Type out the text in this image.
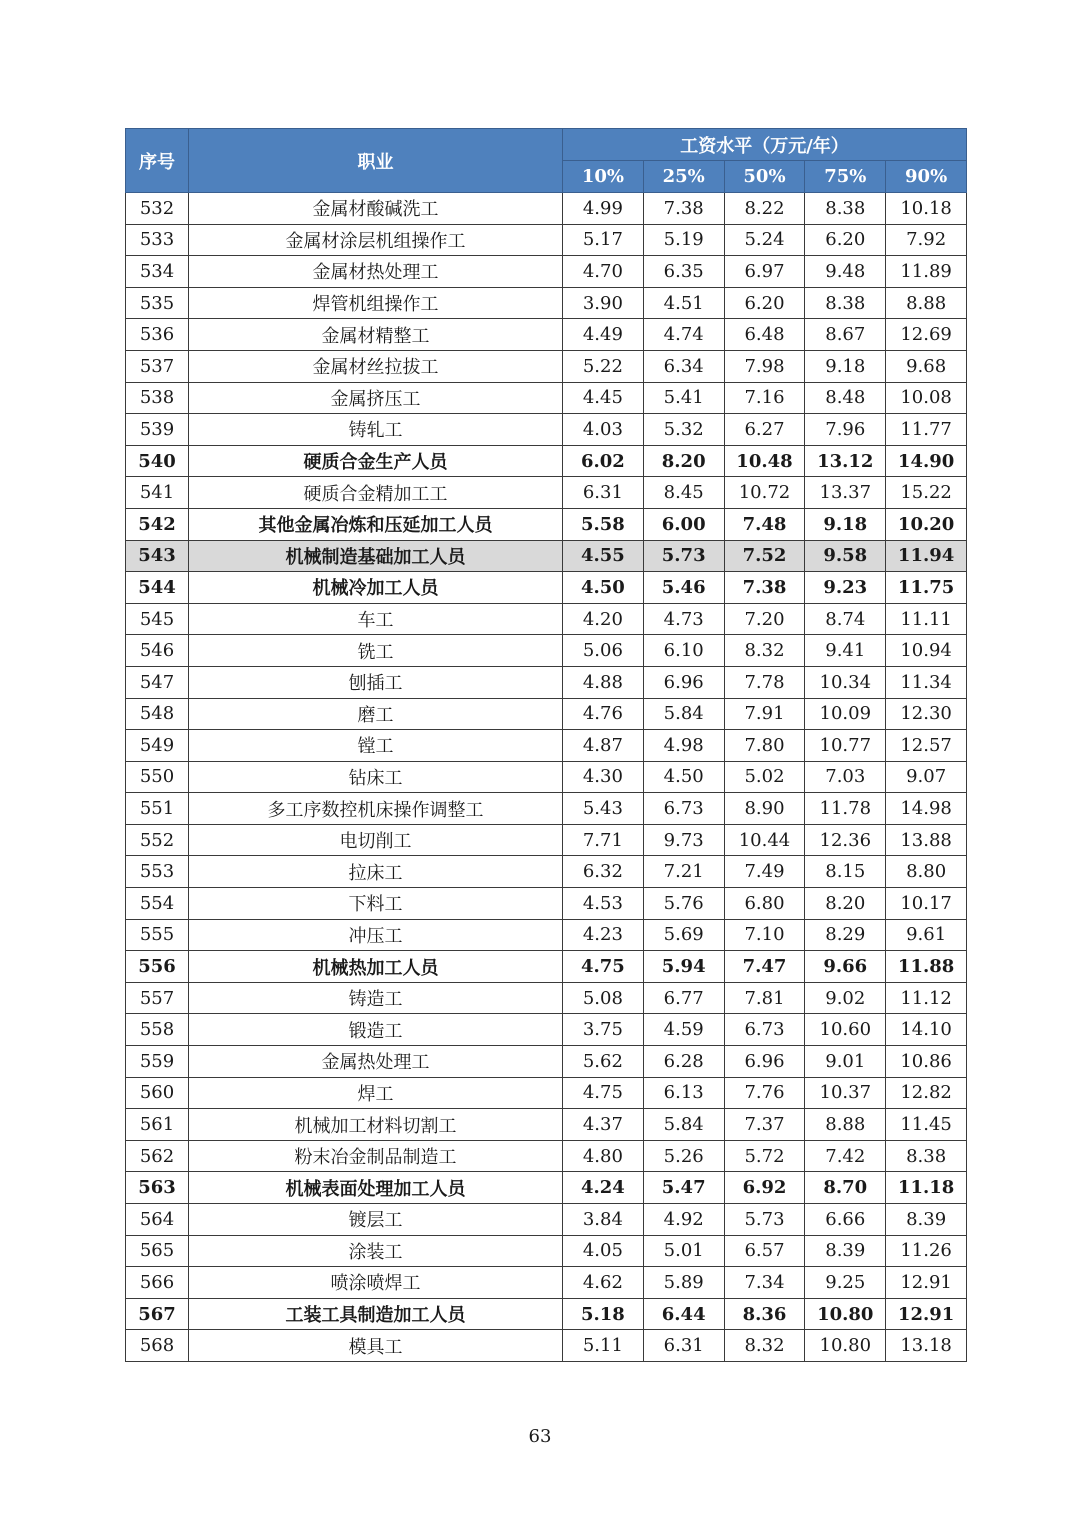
序号	职业	工资水平（万元/年）				
		10%	25%	50%	75%	90%
532	金属材酸碱洗工	4.99	7.38	8.22	8.38	10.18
533	金属材涂层机组操作工	5.17	5.19	5.24	6.20	7.92
534	金属材热处理工	4.70	6.35	6.97	9.48	11.89
535	焊管机组操作工	3.90	4.51	6.20	8.38	8.88
536	金属材精整工	4.49	4.74	6.48	8.67	12.69
537	金属材丝拉拔工	5.22	6.34	7.98	9.18	9.68
538	金属挤压工	4.45	5.41	7.16	8.48	10.08
539	铸轧工	4.03	5.32	6.27	7.96	11.77
540	硬质合金生产人员	6.02	8.20	10.48	13.12	14.90
541	硬质合金精加工工	6.31	8.45	10.72	13.37	15.22
542	其他金属冶炼和压延加工人员	5.58	6.00	7.48	9.18	10.20
543	机械制造基础加工人员	4.55	5.73	7.52	9.58	11.94
544	机械冷加工人员	4.50	5.46	7.38	9.23	11.75
545	车工	4.20	4.73	7.20	8.74	11.11
546	铣工	5.06	6.10	8.32	9.41	10.94
547	刨插工	4.88	6.96	7.78	10.34	11.34
548	磨工	4.76	5.84	7.91	10.09	12.30
549	镗工	4.87	4.98	7.80	10.77	12.57
550	钻床工	4.30	4.50	5.02	7.03	9.07
551	多工序数控机床操作调整工	5.43	6.73	8.90	11.78	14.98
552	电切削工	7.71	9.73	10.44	12.36	13.88
553	拉床工	6.32	7.21	7.49	8.15	8.80
554	下料工	4.53	5.76	6.80	8.20	10.17
555	冲压工	4.23	5.69	7.10	8.29	9.61
556	机械热加工人员	4.75	5.94	7.47	9.66	11.88
557	铸造工	5.08	6.77	7.81	9.02	11.12
558	锻造工	3.75	4.59	6.73	10.60	14.10
559	金属热处理工	5.62	6.28	6.96	9.01	10.86
560	焊工	4.75	6.13	7.76	10.37	12.82
561	机械加工材料切割工	4.37	5.84	7.37	8.88	11.45
562	粉末冶金制品制造工	4.80	5.26	5.72	7.42	8.38
563	机械表面处理加工人员	4.24	5.47	6.92	8.70	11.18
564	镀层工	3.84	4.92	5.73	6.66	8.39
565	涂装工	4.05	5.01	6.57	8.39	11.26
566	喷涂喷焊工	4.62	5.89	7.34	9.25	12.91
567	工装工具制造加工人员	5.18	6.44	8.36	10.80	12.91
568	模具工	5.11	6.31	8.32	10.80	13.18
63
